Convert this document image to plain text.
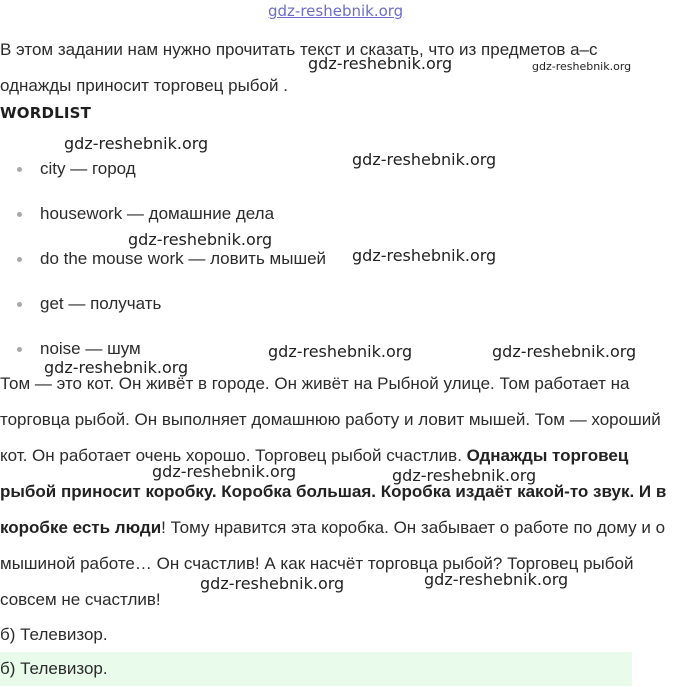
В этом задании нам нужно прочитать текст и сказать, что из предметов а–с однажды приносит торговец рыбой .

WORDLIST
city — город
housework — домашние дела
do the mouse work — ловить мышей
get — получать
noise — шум

Том — это кот. Он живёт в городе. Он живёт на Рыбной улице. Том работает на торговца рыбой. Он выполняет домашнюю работу и ловит мышей. Том — хороший кот. Он работает очень хорошо. Торговец рыбой счастлив. Однажды торговец рыбой приносит коробку. Коробка большая. Коробка издаёт какой-то звук. И в коробке есть люди! Тому нравится эта коробка. Он забывает о работе по дому и о мышиной работе… Он счастлив! А как насчёт торговца рыбой? Торговец рыбой совсем не счастлив!

б) Телевизор.

б) Телевизор.
gdz-reshebnik.org
gdz-reshebnik.org	gdz-reshebnik.org
gdz-reshebnik.org
gdz-reshebnik.org
gdz-reshebnik.org
gdz-reshebnik.org
gdz-reshebnik.org	gdz-reshebnik.org
gdz-reshebnik.org
gdz-reshebnik.org	gdz-reshebnik.org
gdz-reshebnik.org	gdz-reshebnik.org
